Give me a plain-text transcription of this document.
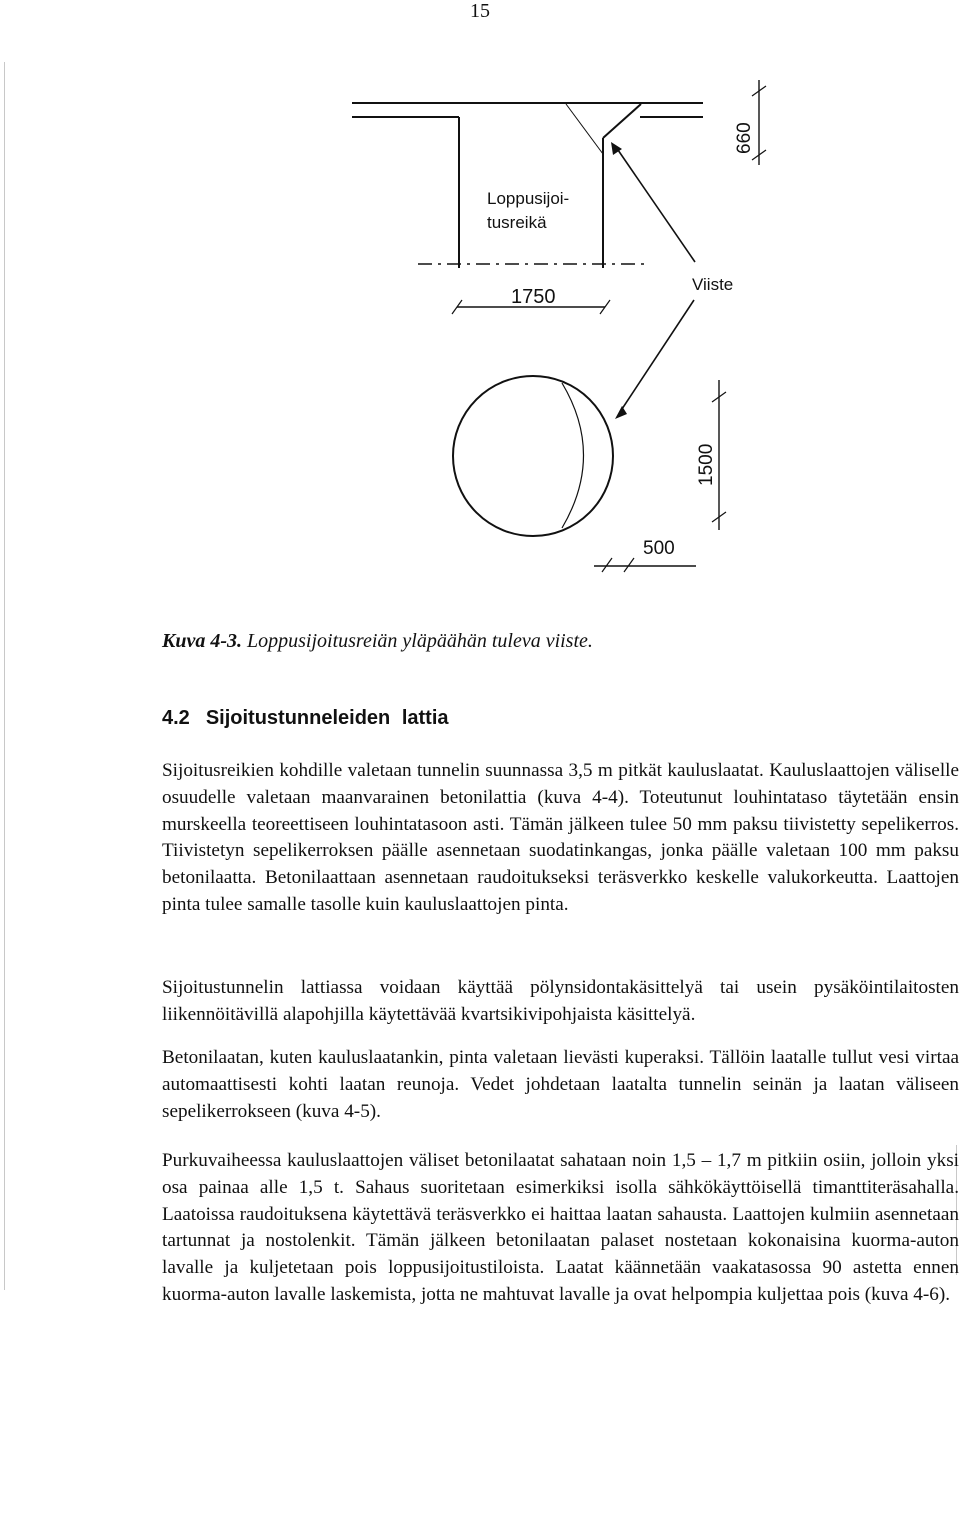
15
Loppusijoi-
tusreikä
Viiste
1750
660
1500
500
Kuva 4-3. Loppusijoitusreiän yläpäähän tuleva viiste.
4.2 Sijoitustunneleiden lattia

Sijoitusreikien kohdille valetaan tunnelin suunnassa 3,5 m pitkät kauluslaatat. Kauluslaattojen väliselle osuudelle valetaan maanvarainen betonilattia (kuva 4-4). Toteutunut louhintataso täytetään ensin murskeella teoreettiseen louhintatasoon asti. Tämän jälkeen tulee 50 mm paksu tiivistetty sepelikerros. Tiivistetyn sepelikerroksen päälle asennetaan suodatinkangas, jonka päälle valetaan 100 mm paksu betonilaatta. Betonilaattaan asennetaan raudoitukseksi teräsverkko keskelle valukorkeutta. Laattojen pinta tulee samalle tasolle kuin kauluslaattojen pinta.

Sijoitustunnelin lattiassa voidaan käyttää pölynsidontakäsittelyä tai usein pysäköintilaitosten liikennöitävillä alapohjilla käytettävää kvartsikivipohjaista käsittelyä.

Betonilaatan, kuten kauluslaatankin, pinta valetaan lievästi kuperaksi. Tällöin laatalle tullut vesi virtaa automaattisesti kohti laatan reunoja. Vedet johdetaan laatalta tunnelin seinän ja laatan väliseen sepelikerrokseen (kuva 4-5).

Purkuvaiheessa kauluslaattojen väliset betonilaatat sahataan noin 1,5 – 1,7 m pitkiin osiin, jolloin yksi osa painaa alle 1,5 t. Sahaus suoritetaan esimerkiksi isolla sähkökäyttöisellä timanttiteräsahalla. Laatoissa raudoituksena käytettävä teräsverkko ei haittaa laatan sahausta. Laattojen kulmiin asennetaan tartunnat ja nostolenkit. Tämän jälkeen betonilaatan palaset nostetaan kokonaisina kuorma-auton lavalle ja kuljetetaan pois loppusijoitustiloista. Laatat käännetään vaakatasossa 90 astetta ennen kuorma-auton lavalle laskemista, jotta ne mahtuvat lavalle ja ovat helpompia kuljettaa pois (kuva 4-6).
